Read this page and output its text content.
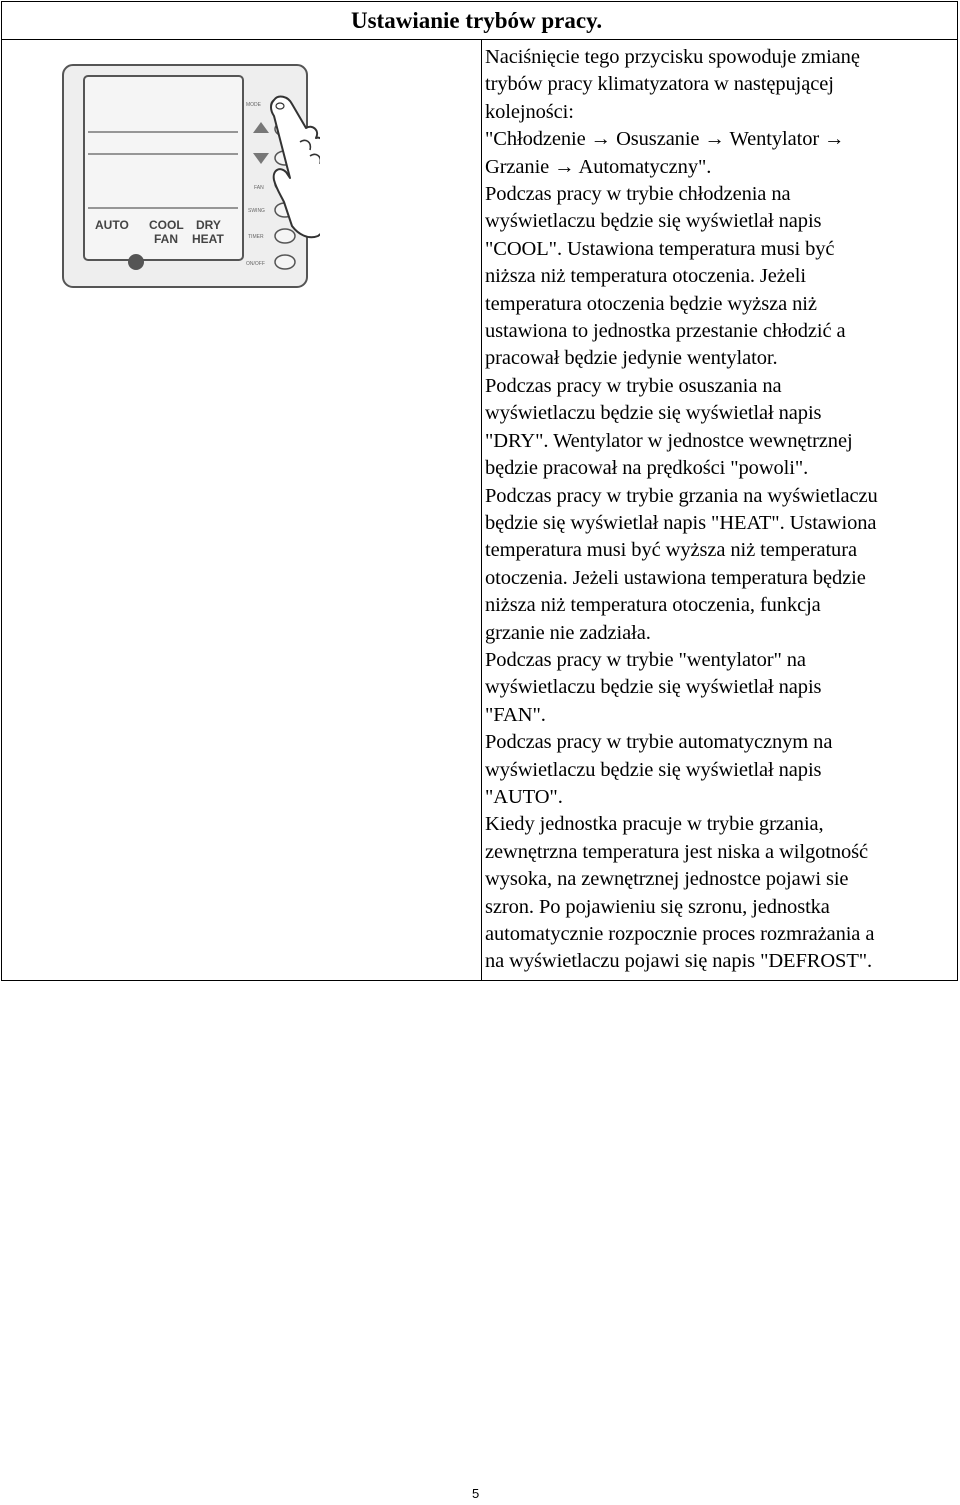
Ustawianie trybów pracy.
AUTO COOL DRY
FAN HEAT
MODE
FAN
SWING
TIMER
ON/OFF
Naciśnięcie tego przycisku spowoduje zmianę
trybów pracy klimatyzatora w następującej
kolejności:
"Chłodzenie → Osuszanie → Wentylator →
Grzanie → Automatyczny".
Podczas pracy w trybie chłodzenia na
wyświetlaczu będzie się wyświetlał napis
"COOL". Ustawiona temperatura musi być
niższa niż temperatura otoczenia. Jeżeli
temperatura otoczenia będzie wyższa niż
ustawiona to jednostka przestanie chłodzić a
pracował będzie jedynie wentylator.
Podczas pracy w trybie osuszania na
wyświetlaczu będzie się wyświetlał napis
"DRY". Wentylator w jednostce wewnętrznej
będzie pracował na prędkości "powoli".
Podczas pracy w trybie grzania na wyświetlaczu
będzie się wyświetlał napis "HEAT". Ustawiona
temperatura musi być wyższa niż temperatura
otoczenia. Jeżeli ustawiona temperatura będzie
niższa niż temperatura otoczenia, funkcja
grzanie nie zadziała.
Podczas pracy w trybie "wentylator" na
wyświetlaczu będzie się wyświetlał napis
"FAN".
Podczas pracy w trybie automatycznym na
wyświetlaczu będzie się wyświetlał napis
"AUTO".
Kiedy jednostka pracuje w trybie grzania,
zewnętrzna temperatura jest niska a wilgotność
wysoka, na zewnętrznej jednostce pojawi sie
szron. Po pojawieniu się szronu, jednostka
automatycznie rozpocznie proces rozmrażania a
na wyświetlaczu pojawi się napis "DEFROST".

5
